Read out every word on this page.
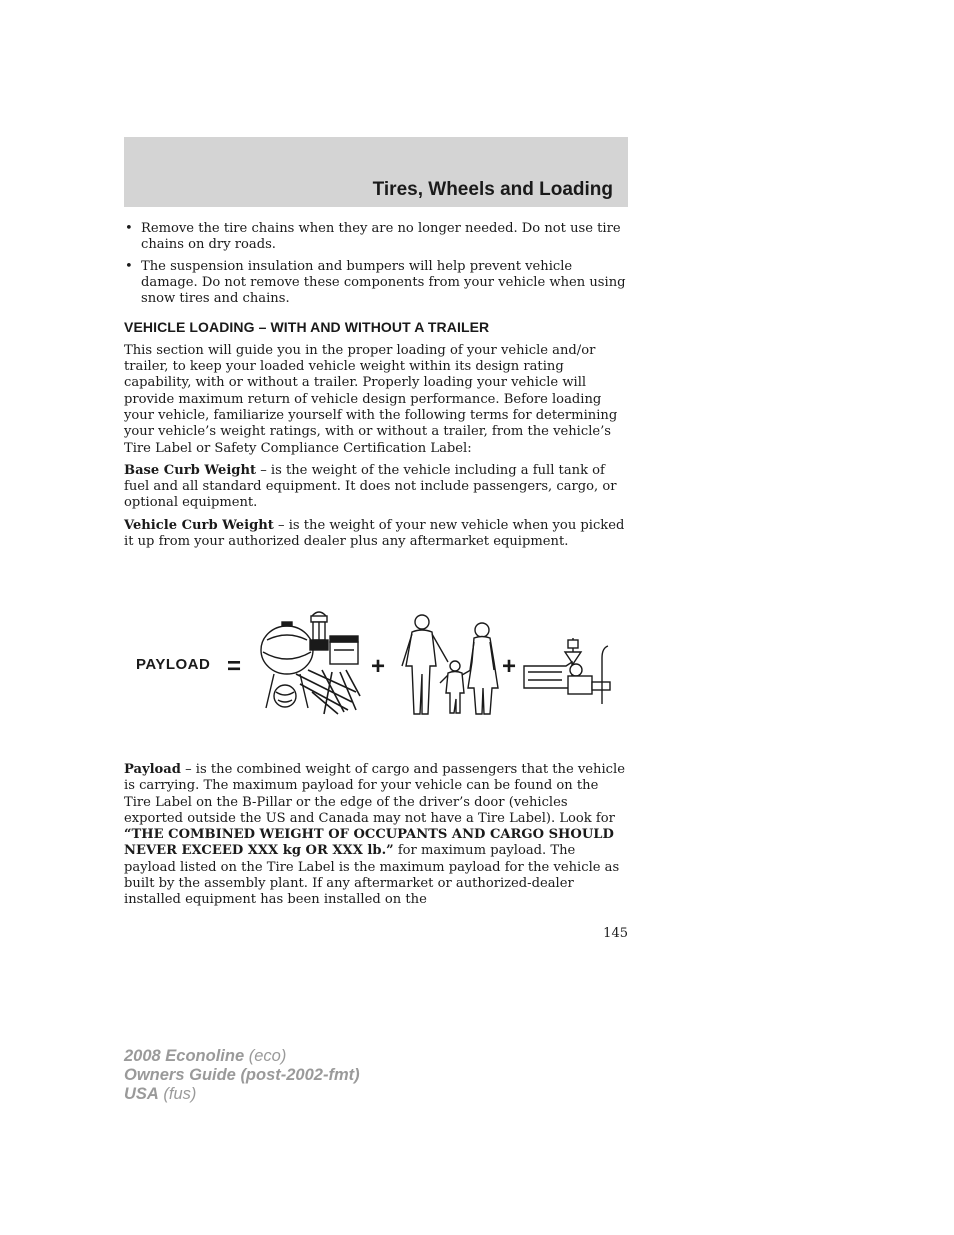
Tires, Wheels and Loading
• Remove the tire chains when they are no longer needed. Do not use tire chains on dry roads.
• The suspension insulation and bumpers will help prevent vehicle damage. Do not remove these components from your vehicle when using snow tires and chains.
VEHICLE LOADING – WITH AND WITHOUT A TRAILER

This section will guide you in the proper loading of your vehicle and/or trailer, to keep your loaded vehicle weight within its design rating capability, with or without a trailer. Properly loading your vehicle will provide maximum return of vehicle design performance. Before loading your vehicle, familiarize yourself with the following terms for determining your vehicle’s weight ratings, with or without a trailer, from the vehicle’s Tire Label or Safety Compliance Certification Label:

Base Curb Weight – is the weight of the vehicle including a full tank of fuel and all standard equipment. It does not include passengers, cargo, or optional equipment.

Vehicle Curb Weight – is the weight of your new vehicle when you picked it up from your authorized dealer plus any aftermarket equipment.

PAYLOAD =	+	+

Payload – is the combined weight of cargo and passengers that the vehicle is carrying. The maximum payload for your vehicle can be found on the Tire Label on the B-Pillar or the edge of the driver’s door (vehicles exported outside the US and Canada may not have a Tire Label). Look for “THE COMBINED WEIGHT OF OCCUPANTS AND CARGO SHOULD NEVER EXCEED XXX kg OR XXX lb.” for maximum payload. The payload listed on the Tire Label is the maximum payload for the vehicle as built by the assembly plant. If any aftermarket or authorized-dealer installed equipment has been installed on the

145
2008 Econoline (eco)
Owners Guide (post-2002-fmt)
USA (fus)
